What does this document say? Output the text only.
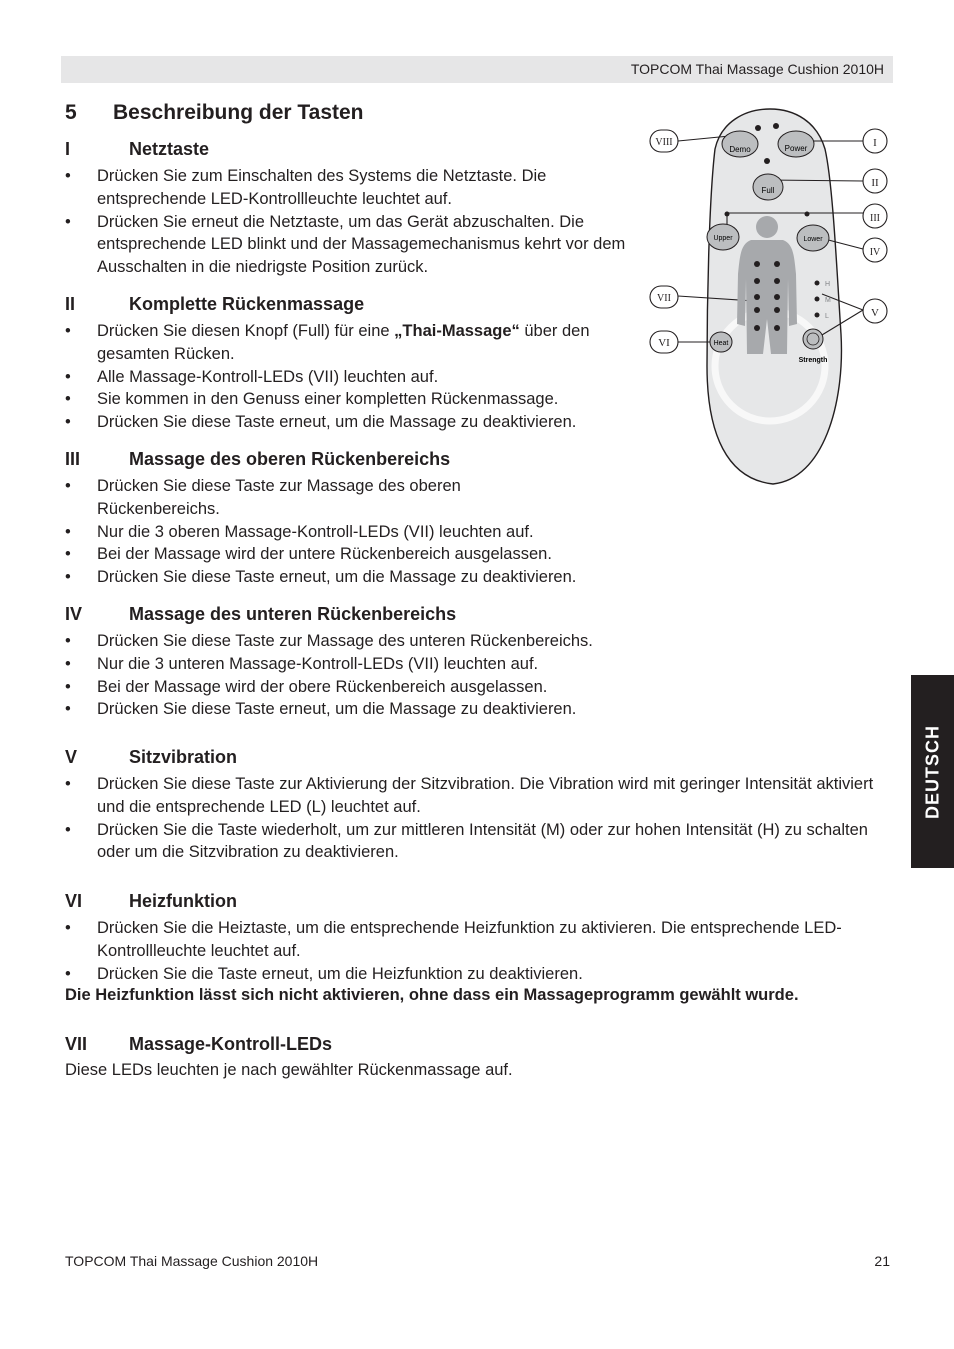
TOPCOM Thai Massage Cushion 2010H
5 Beschreibung der Tasten
I	Netztaste
• Drücken Sie zum Einschalten des Systems die Netztaste. Die entsprechende LED-Kontrollleuchte leuchtet auf.
• Drücken Sie erneut die Netztaste, um das Gerät abzuschalten. Die entsprechende LED blinkt und der Massagemechanismus kehrt vor dem Ausschalten in die niedrigste Position zurück.
II	Komplette Rückenmassage
• Drücken Sie diesen Knopf (Full) für eine „Thai-Massage“ über den gesamten Rücken.
• Alle Massage-Kontroll-LEDs (VII) leuchten auf.
• Sie kommen in den Genuss einer kompletten Rückenmassage.
• Drücken Sie diese Taste erneut, um die Massage zu deaktivieren.
III	Massage des oberen Rückenbereichs
• Drücken Sie diese Taste zur Massage des oberen Rückenbereichs.
• Nur die 3 oberen Massage-Kontroll-LEDs (VII) leuchten auf.
• Bei der Massage wird der untere Rückenbereich ausgelassen.
• Drücken Sie diese Taste erneut, um die Massage zu deaktivieren.
IV	Massage des unteren Rückenbereichs
• Drücken Sie diese Taste zur Massage des unteren Rückenbereichs.
• Nur die 3 unteren Massage-Kontroll-LEDs (VII) leuchten auf.
• Bei der Massage wird der obere Rückenbereich ausgelassen.
• Drücken Sie diese Taste erneut, um die Massage zu deaktivieren.
V	Sitzvibration
• Drücken Sie diese Taste zur Aktivierung der Sitzvibration. Die Vibration wird mit geringer Intensität aktiviert und die entsprechende LED (L) leuchtet auf.
• Drücken Sie die Taste wiederholt, um zur mittleren Intensität (M) oder zur hohen Intensität (H) zu schalten oder um die Sitzvibration zu deaktivieren.
VI	Heizfunktion
• Drücken Sie die Heiztaste, um die entsprechende Heizfunktion zu aktivieren. Die entsprechende LED-Kontrollleuchte leuchtet auf.
• Drücken Sie die Taste erneut, um die Heizfunktion zu deaktivieren.

Die Heizfunktion lässt sich nicht aktivieren, ohne dass ein Massageprogramm gewählt wurde.

VII Massage-Kontroll-LEDs

Diese LEDs leuchten je nach gewählter Rückenmassage auf.

Demo	Power
Full
Upper	Lower
Heat
Strength
H
M
L
VIII	I
II
III
IV
V
VII
VI
DEUTSCH
TOPCOM Thai Massage Cushion 2010H	21
